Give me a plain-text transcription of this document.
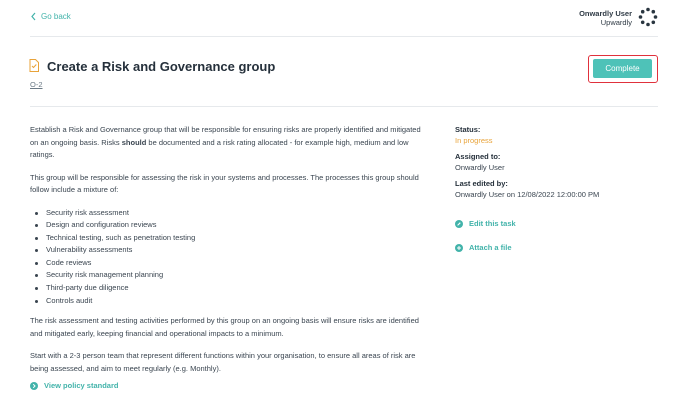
Go back	Onwardly User
Upwardly
Create a Risk and Governance group
O-2
Complete

Establish a Risk and Governance group that will be responsible for ensuring risks are properly identified and mitigated on an ongoing basis. Risks should be documented and a risk rating allocated - for example high, medium and low ratings.

This group will be responsible for assessing the risk in your systems and processes. The processes this group should follow include a mixture of:

Security risk assessment
Design and configuration reviews
Technical testing, such as penetration testing
Vulnerability assessments
Code reviews
Security risk management planning
Third-party due diligence
Controls audit

The risk assessment and testing activities performed by this group on an ongoing basis will ensure risks are identified and mitigated early, keeping financial and operational impacts to a minimum.

Start with a 2-3 person team that represent different functions within your organisation, to ensure all areas of risk are being assessed, and aim to meet regularly (e.g. Monthly).

View policy standard
Status:
In progress
Assigned to:
Onwardly User
Last edited by:
Onwardly User on 12/08/2022 12:00:00 PM
Edit this task
Attach a file
